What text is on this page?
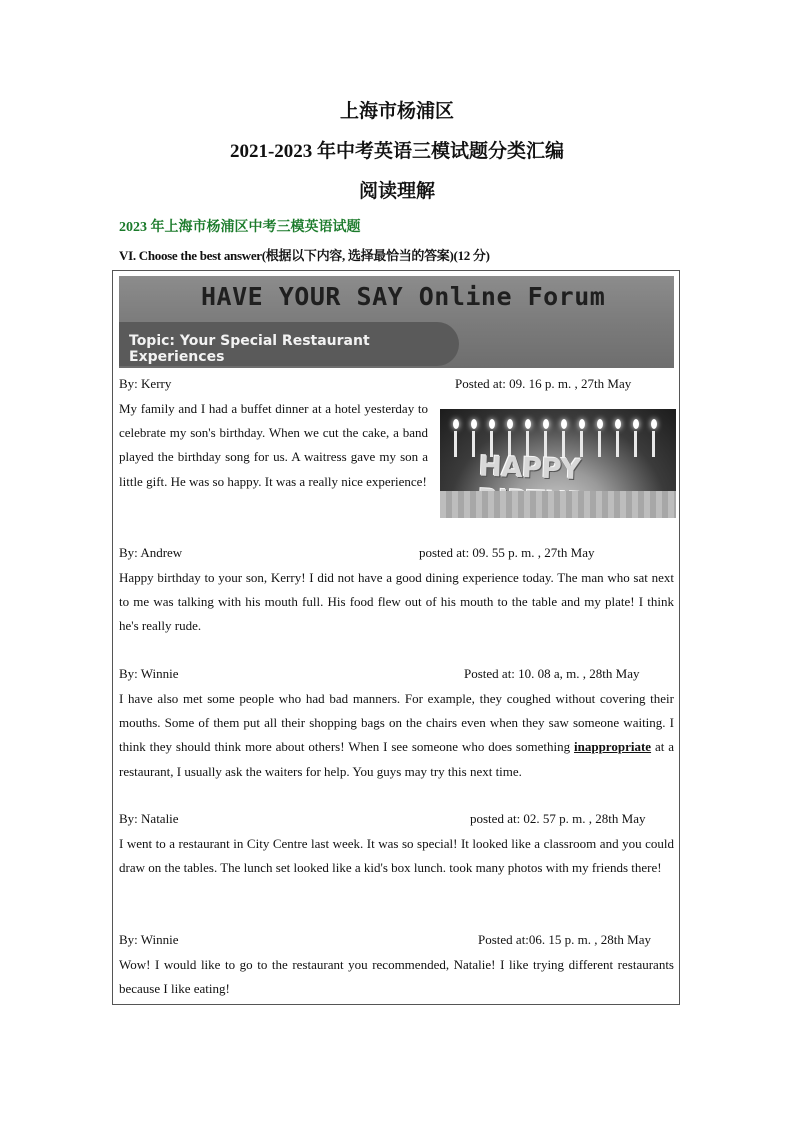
上海市杨浦区
2021-2023 年中考英语三模试题分类汇编
阅读理解
2023 年上海市杨浦区中考三模英语试题
VI. Choose the best answer(根据以下内容, 选择最恰当的答案)(12 分)
HAVE YOUR SAY Online Forum
Topic: Your Special Restaurant Experiences
By: Kerry	Posted at: 09. 16 p. m. , 27th May
My family and I had a buffet dinner at a hotel yesterday to celebrate my son's birthday. When we cut the cake, a band played the birthday song for us. A waitress gave my son a little gift. He was so happy. It was a really nice experience! HAPPY
By: Andrew	posted at: 09. 55 p. m. , 27th May
Happy birthday to your son, Kerry! I did not have a good dining experience today. The man who sat next to me was talking with his mouth full. His food flew out of his mouth to the table and my plate! I think he's really rude.
By: Winnie	Posted at: 10. 08 a, m. , 28th May
I have also met some people who had bad manners. For example, they coughed without covering their mouths. Some of them put all their shopping bags on the chairs even when they saw someone waiting. I think they should think more about others! When I see someone who does something inappropriate at a restaurant, I usually ask the waiters for help. You guys may try this next time.
By: Natalie	posted at: 02. 57 p. m. , 28th May
I went to a restaurant in City Centre last week. It was so special! It looked like a classroom and you could draw on the tables. The lunch set looked like a kid's box lunch. took many photos with my friends there!
By: Winnie	Posted at:06. 15 p. m. , 28th May
Wow! I would like to go to the restaurant you recommended, Natalie! I like trying different restaurants because I like eating!
